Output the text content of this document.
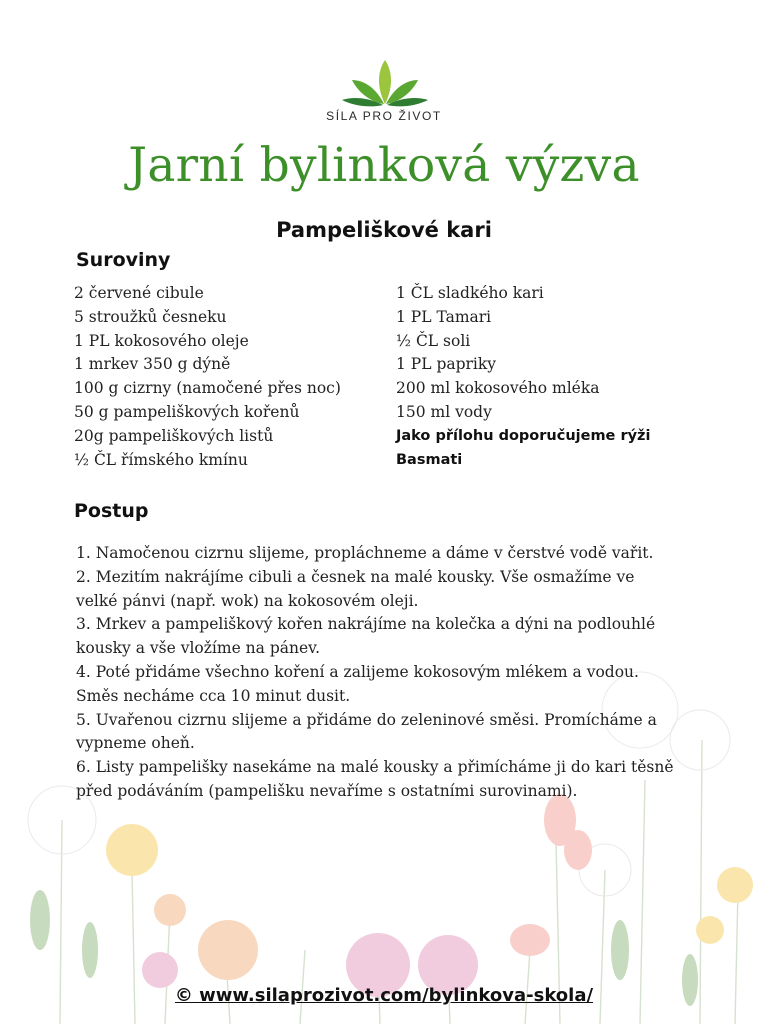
SÍLA PRO ŽIVOT
Jarní bylinková výzva
Pampeliškové kari
Suroviny
2 červené cibule
5 stroužků česneku
1 PL kokosového oleje
1 mrkev 350 g dýně
100 g cizrny (namočené přes noc)
50 g pampeliškových kořenů
20g pampeliškových listů
½ ČL římského kmínu
1 ČL sladkého kari
1 PL Tamari
½ ČL soli
1 PL papriky
200 ml kokosového mléka
150 ml vody
Jako přílohu doporučujeme rýži
Basmati
Postup
1. Namočenou cizrnu slijeme, propláchneme a dáme v čerstvé vodě vařit.
2. Mezitím nakrájíme cibuli a česnek na malé kousky. Vše osmažíme ve
velké pánvi (např. wok) na kokosovém oleji.
3. Mrkev a pampeliškový kořen nakrájíme na kolečka a dýni na podlouhlé
kousky a vše vložíme na pánev.
4. Poté přidáme všechno koření a zalijeme kokosovým mlékem a vodou.
Směs necháme cca 10 minut dusit.
5. Uvařenou cizrnu slijeme a přidáme do zeleninové směsi. Promícháme a
vypneme oheň.
6. Listy pampelišky nasekáme na malé kousky a přimícháme ji do kari těsně
před podáváním (pampelišku nevaříme s ostatními surovinami).
© www.silaprozivot.com/bylinkova-skola/
